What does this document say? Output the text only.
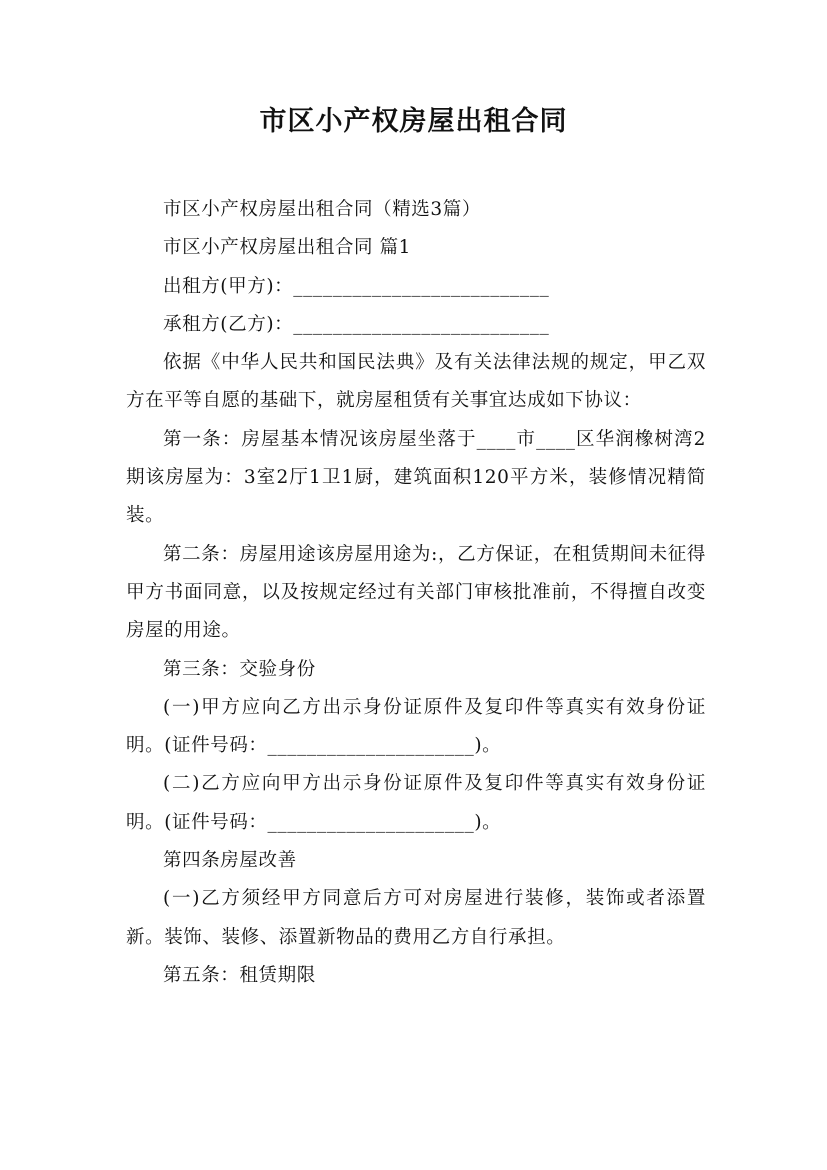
市区小产权房屋出租合同

市区小产权房屋出租合同（精选3篇）

市区小产权房屋出租合同 篇1

出租方(甲方)：__________________________

承租方(乙方)：__________________________

依据《中华人民共和国民法典》及有关法律法规的规定，甲乙双方在平等自愿的基础下，就房屋租赁有关事宜达成如下协议：

第一条：房屋基本情况该房屋坐落于____市____区华润橡树湾2期该房屋为：3室2厅1卫1厨，建筑面积120平方米，装修情况精简装。

第二条：房屋用途该房屋用途为:，乙方保证，在租赁期间未征得甲方书面同意，以及按规定经过有关部门审核批准前，不得擅自改变房屋的用途。

第三条：交验身份

(一)甲方应向乙方出示身份证原件及复印件等真实有效身份证明。(证件号码：_____________________)。

(二)乙方应向甲方出示身份证原件及复印件等真实有效身份证明。(证件号码：_____________________)。

第四条房屋改善

(一)乙方须经甲方同意后方可对房屋进行装修，装饰或者添置新。装饰、装修、添置新物品的费用乙方自行承担。

第五条：租赁期限
